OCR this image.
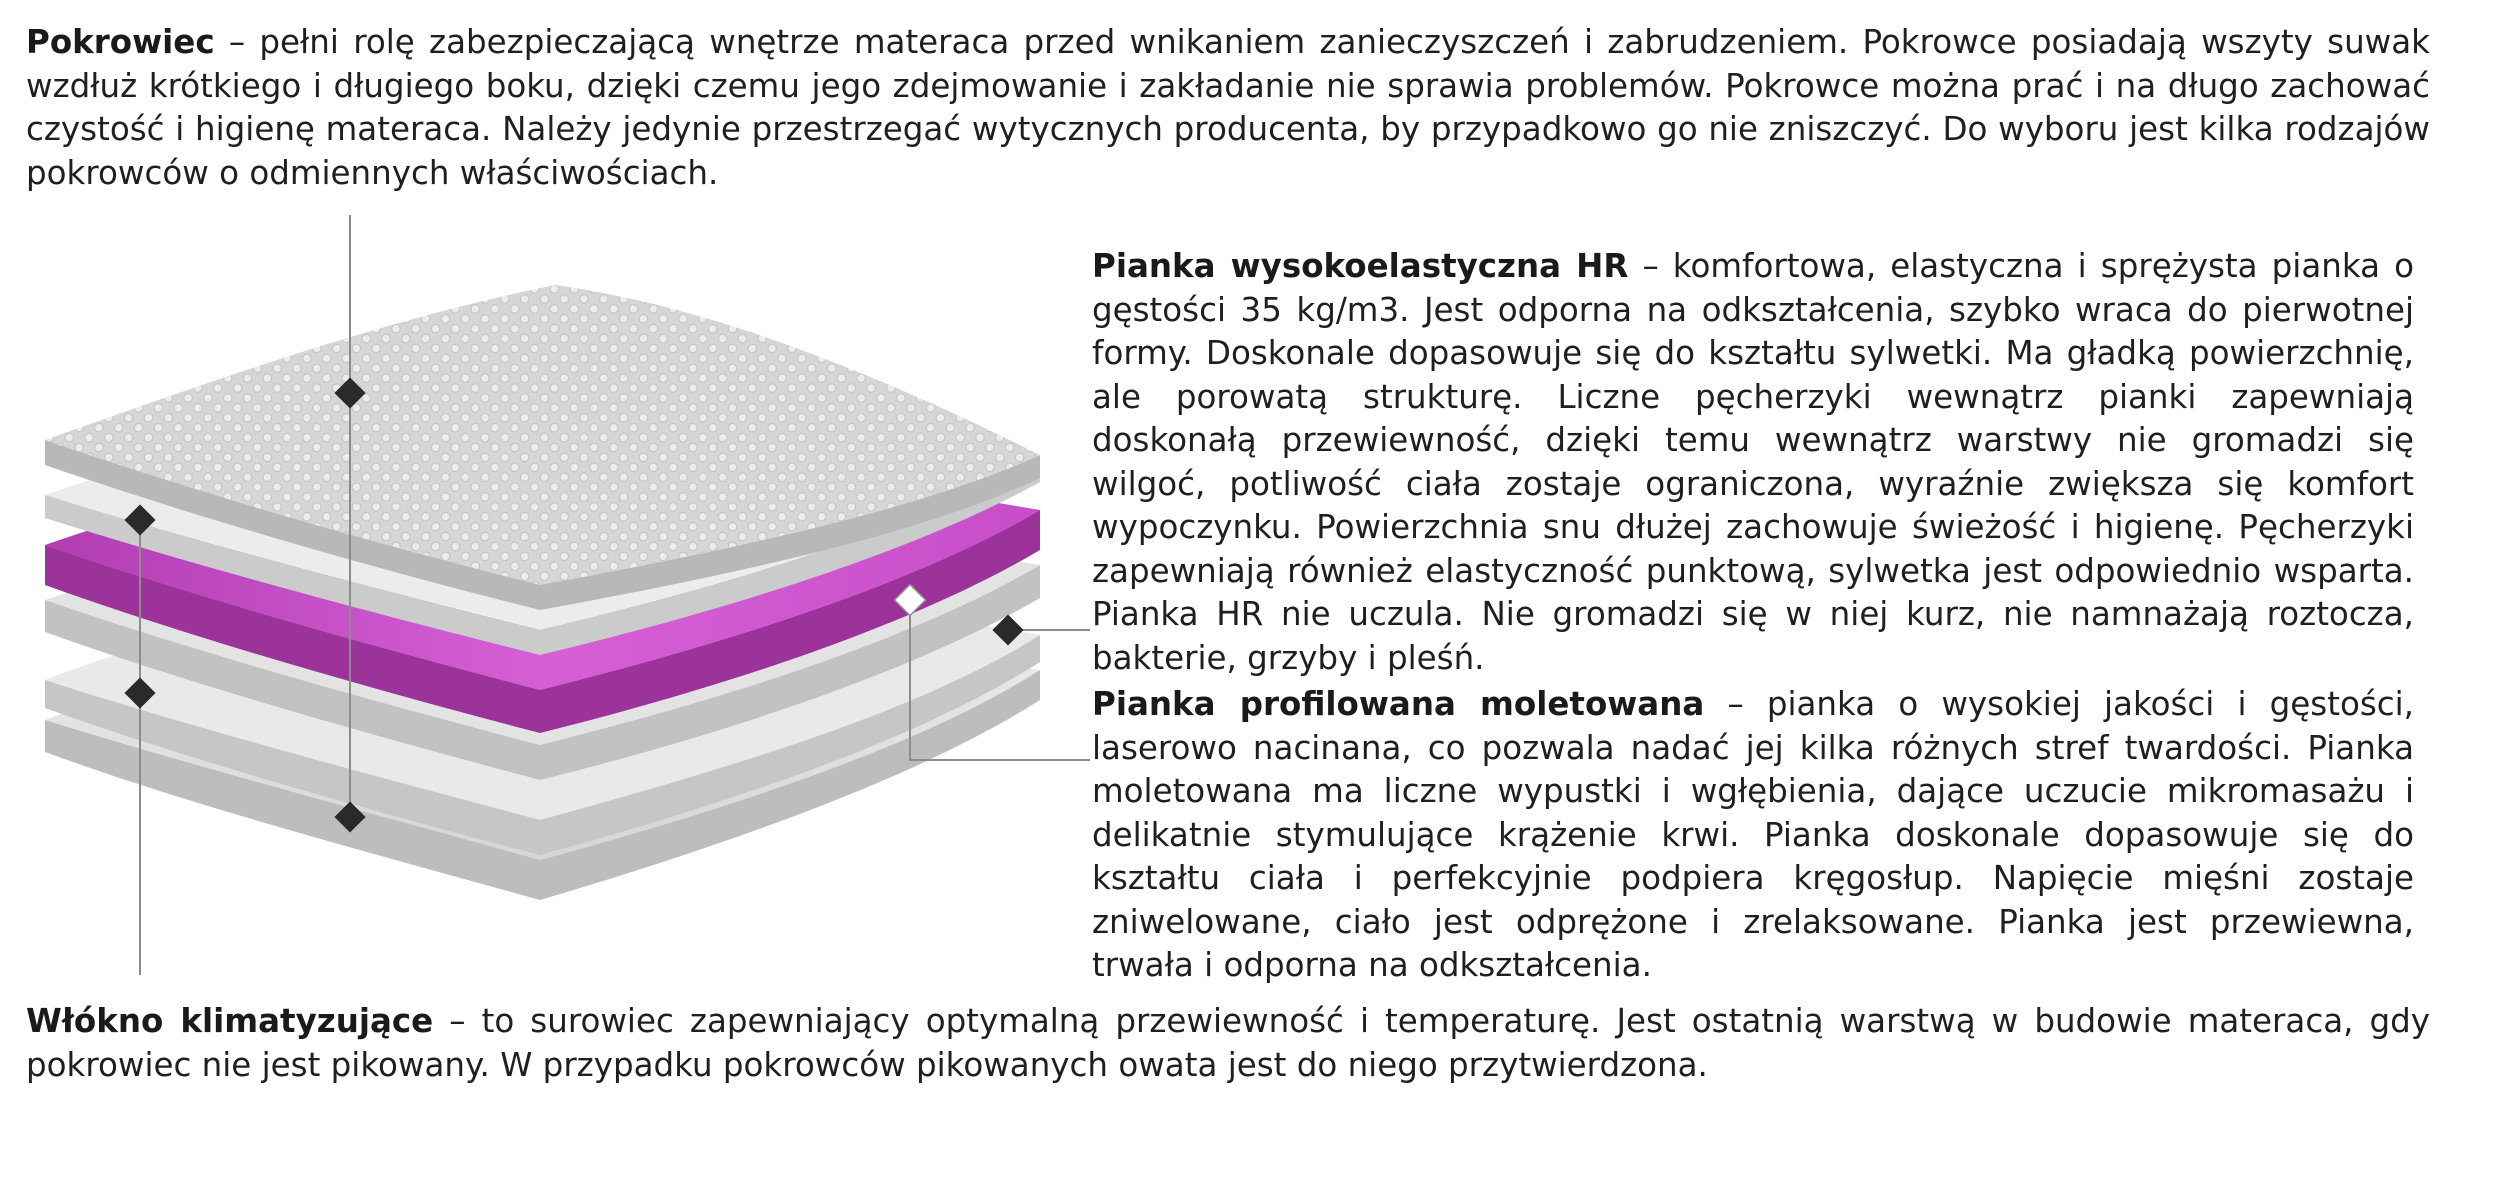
Pokrowiec – pełni rolę zabezpieczającą wnętrze materaca przed wnikaniem zanieczyszczeń i zabrudzeniem. Pokrowce posiadają wszyty suwak wzdłuż krótkiego i długiego boku, dzięki czemu jego zdejmowanie i zakładanie nie sprawia problemów. Pokrowce można prać i na długo zachować czystość i higienę materaca. Należy jedynie przestrzegać wytycznych producenta, by przypadkowo go nie zniszczyć. Do wyboru jest kilka rodzajów pokrowców o odmiennych właściwościach.

Pianka wysokoelastyczna HR – komfortowa, elastyczna i sprężysta pianka o gęstości 35 kg/m3. Jest odporna na odkształcenia, szybko wraca do pierwotnej formy. Doskonale dopasowuje się do kształtu sylwetki. Ma gładką powierzchnię, ale porowatą strukturę. Liczne pęcherzyki wewnątrz pianki zapewniają doskonałą przewiewność, dzięki temu wewnątrz warstwy nie gromadzi się wilgoć, potliwość ciała zostaje ograniczona, wyraźnie zwiększa się komfort wypoczynku. Powierzchnia snu dłużej zachowuje świeżość i higienę. Pęcherzyki zapewniają również elastyczność punktową, sylwetka jest odpowiednio wsparta. Pianka HR nie uczula. Nie gromadzi się w niej kurz, nie namnażają roztocza, bakterie, grzyby i pleśń.

Pianka profilowana moletowana – pianka o wysokiej jakości i gęstości, laserowo nacinana, co pozwala nadać jej kilka różnych stref twardości. Pianka moletowana ma liczne wypustki i wgłębienia, dające uczucie mikromasażu i delikatnie stymulujące krążenie krwi. Pianka doskonale dopasowuje się do kształtu ciała i perfekcyjnie podpiera kręgosłup. Napięcie mięśni zostaje zniwelowane, ciało jest odprężone i zrelaksowane. Pianka jest przewiewna, trwała i odporna na odkształcenia.

Włókno klimatyzujące – to surowiec zapewniający optymalną przewiewność i temperaturę. Jest ostatnią warstwą w budowie materaca, gdy pokrowiec nie jest pikowany. W przypadku pokrowców pikowanych owata jest do niego przytwierdzona.
